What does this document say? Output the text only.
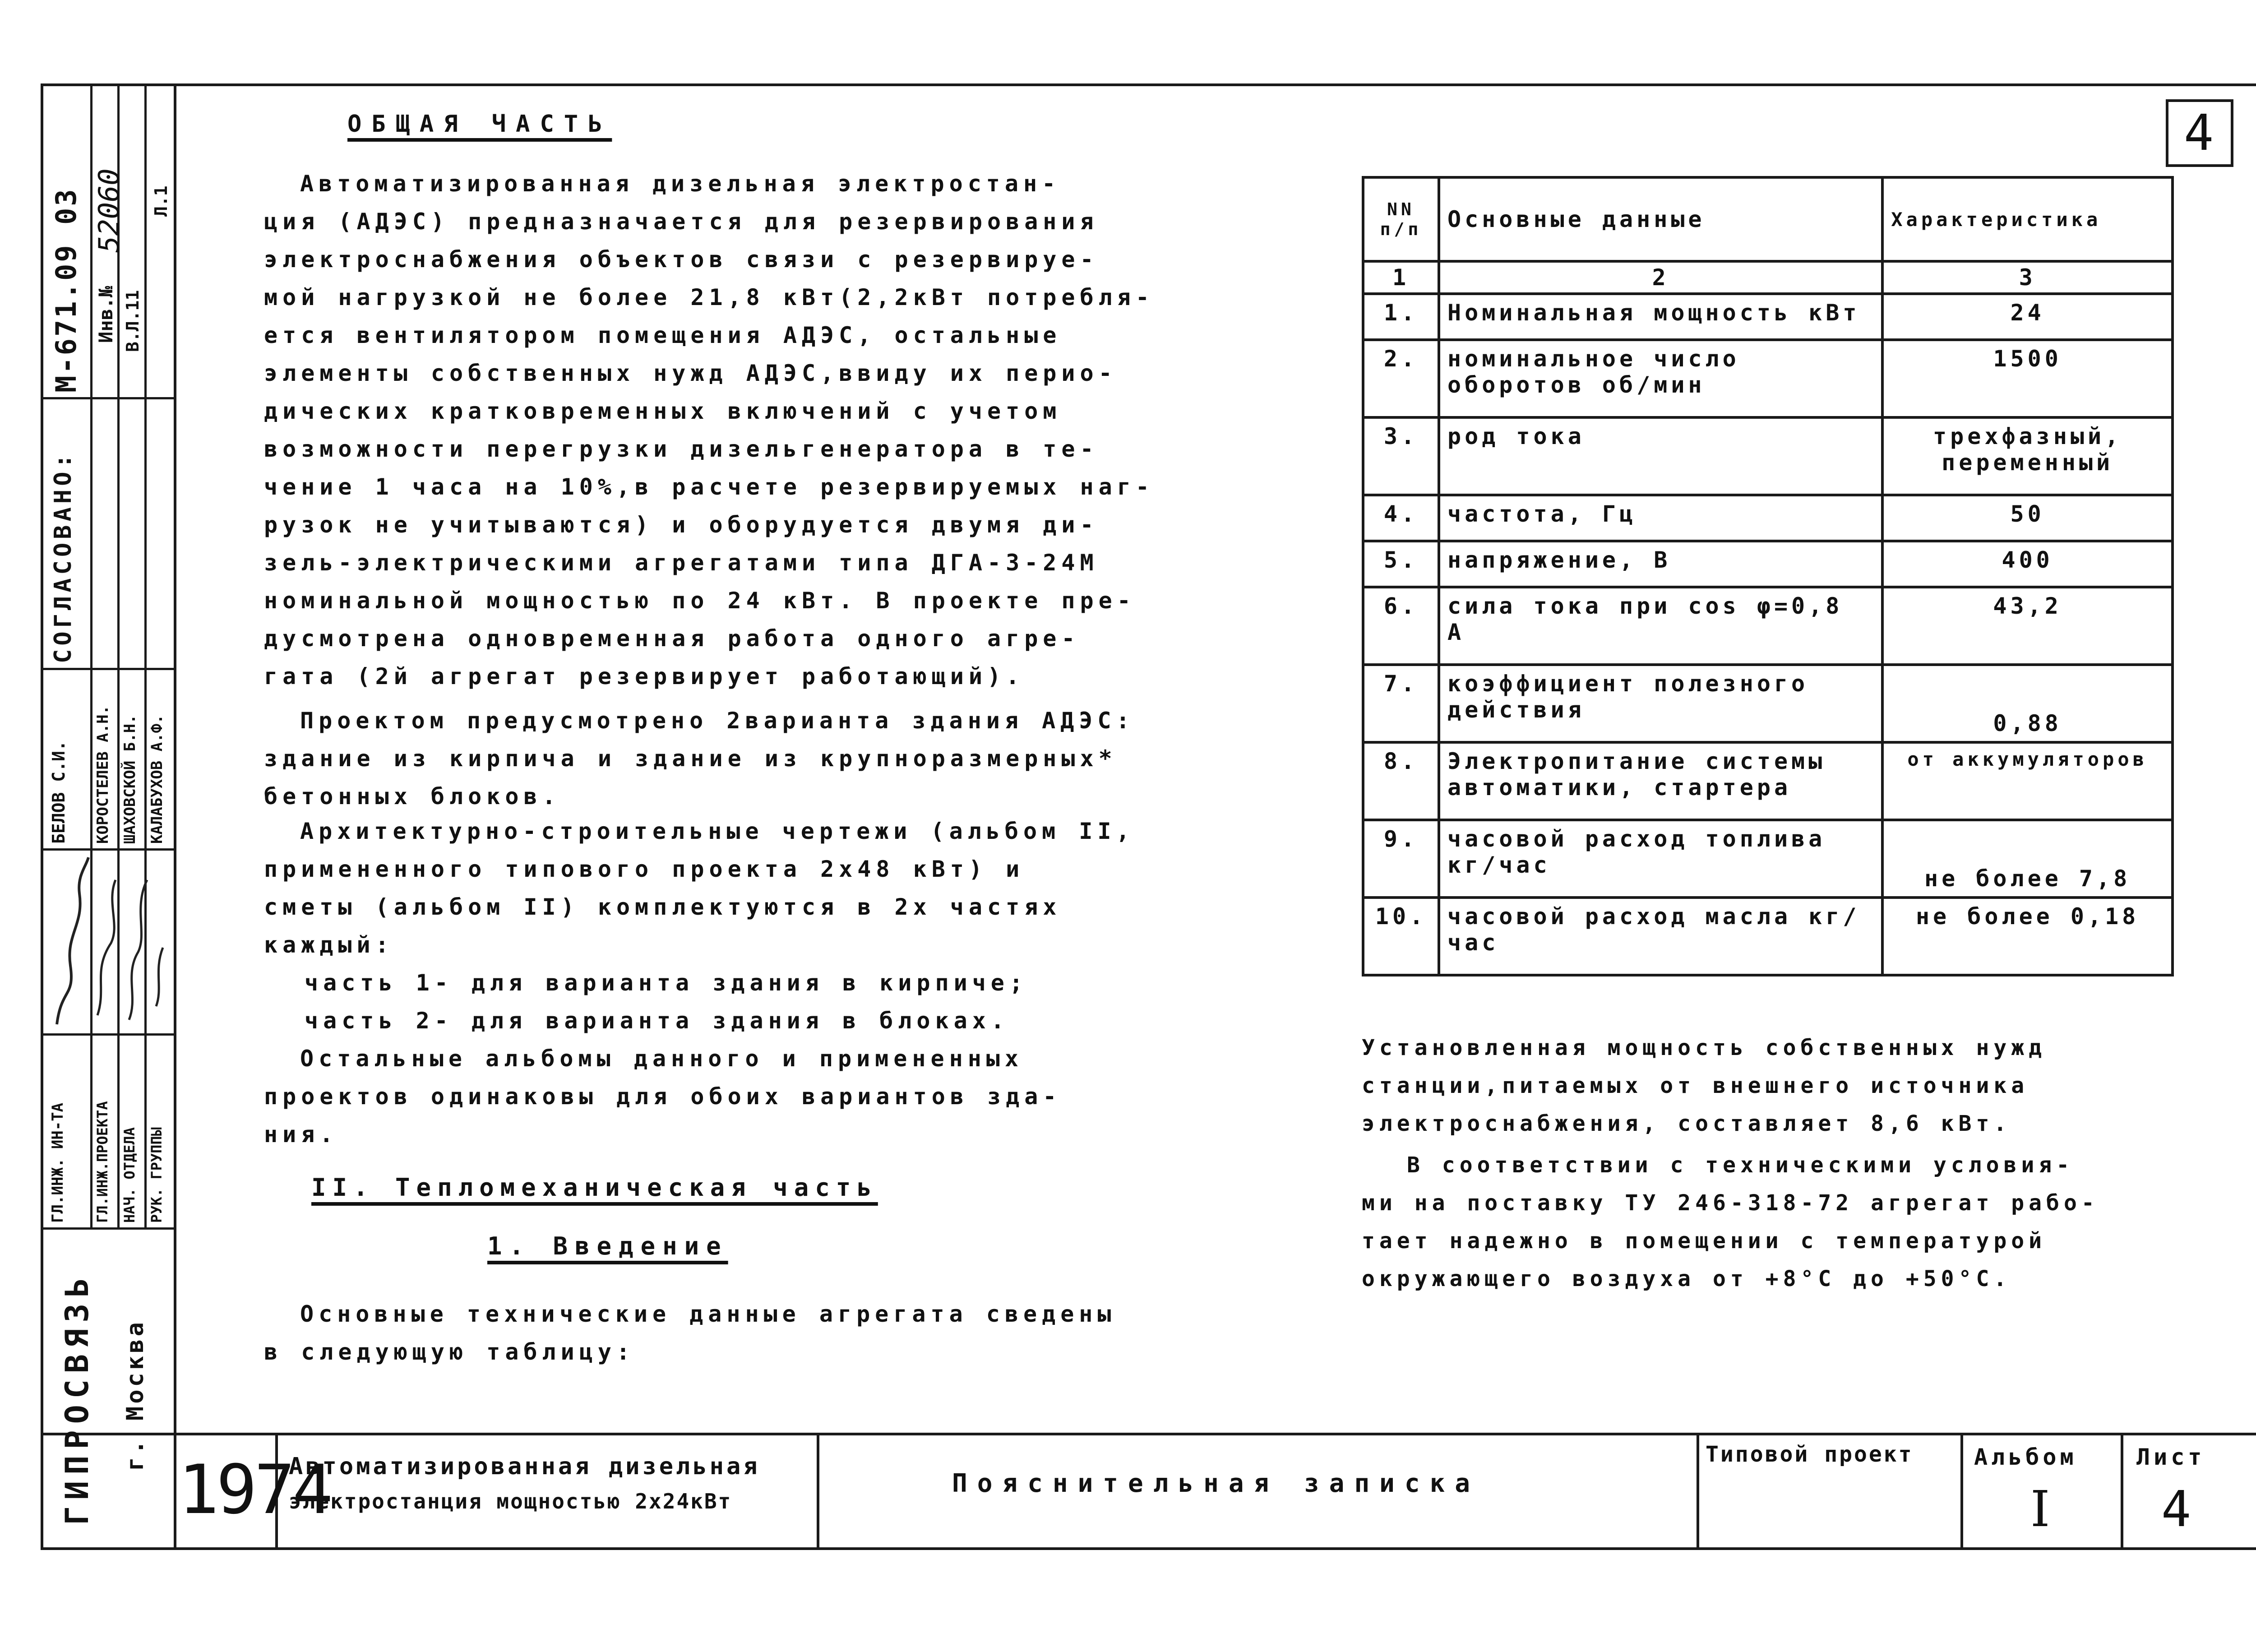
4
М-671.09 03 Инв.№
52060
В.Л.11
Л.1
СОГЛАСОВАНО:
БЕЛОВ С.И. КОРОСТЕЛЕВ А.Н. ШАХОВСКОЙ Б.Н. КАЛАБУХОВ А.Ф.
ГЛ.ИНЖ. ИН-ТА ГЛ.ИНЖ.ПРОЕКТА НАЧ. ОТДЕЛА РУК. ГРУППЫ
ГИПРОСВЯЗЬ г. Москва
ОБЩАЯ ЧАСТЬ
Автоматизированная дизельная электростан-
ция (АДЭС) предназначается для резервирования
электроснабжения объектов связи с резервируе-
мой нагрузкой не более 21,8 кВт(2,2кВт потребля-
ется вентилятором помещения АДЭС, остальные
элементы собственных нужд АДЭС,ввиду их перио-
дических кратковременных включений с учетом
возможности перегрузки дизельгенератора в те-
чение 1 часа на 10%,в расчете резервируемых наг-
рузок не учитываются) и оборудуется двумя ди-
зель-электрическими агрегатами типа ДГА-3-24М
номинальной мощностью по 24 кВт. В проекте пре-
дусмотрена одновременная работа одного агре-
гата (2й агрегат резервирует работающий).
Проектом предусмотрено 2варианта здания АДЭС:
здание из кирпича и здание из крупноразмерных*
бетонных блоков.
Архитектурно-строительные чертежи (альбом II,
примененного типового проекта 2х48 кВт) и
сметы (альбом II) комплектуются в 2х частях
каждый:
часть 1- для варианта здания в кирпиче;
часть 2- для варианта здания в блоках.
Остальные альбомы данного и примененных
проектов одинаковы для обоих вариантов зда-
ния.
II. Тепломеханическая часть
1. Введение
Основные технические данные агрегата сведены
в следующую таблицу:
NN п/п	Основные данные	Характеристика
1	2	3
1.	Номинальная мощность кВт	24
2.	номинальное число оборотов об/мин	1500
3.	род тока	трехфазный, переменный
4.	частота, Гц	50
5.	напряжение, В	400
6.	сила тока при cos φ=0,8 А	43,2
7.	коэффициент полезного действия	0,88
8.	Электропитание системы автоматики, стартера	от аккумуляторов
9.	часовой расход топлива кг/час	не более 7,8
10.	часовой расход масла кг/час	не более 0,18
Установленная мощность собственных нужд
станции,питаемых от внешнего источника
электроснабжения, составляет 8,6 кВт.
В соответствии с техническими условия-
ми на поставку ТУ 246-318-72 агрегат рабо-
тает надежно в помещении с температурой
окружающего воздуха от +8°С до +50°С.
1974
Автоматизированная дизельная
электростанция мощностью 2х24кВт
Пояснительная записка
Типовой проект	Альбом
I
Лист
4
